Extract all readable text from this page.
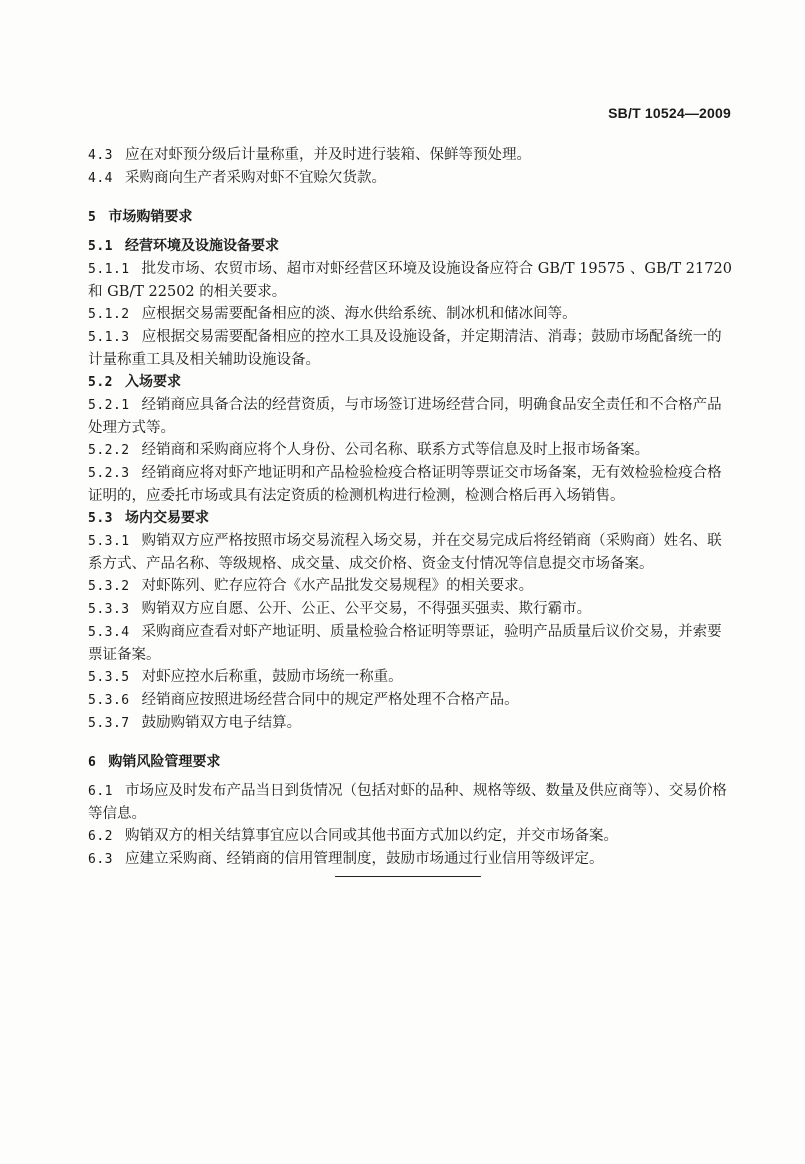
SB/T 10524—2009

4.3 应在对虾预分级后计量称重，并及时进行装箱、保鲜等预处理。

4.4 采购商向生产者采购对虾不宜赊欠货款。

5 市场购销要求

5.1 经营环境及设施设备要求

5.1.1 批发市场、农贸市场、超市对虾经营区环境及设施设备应符合 GB/T 19575 、GB/T 21720 和 GB/T 22502 的相关要求。

5.1.2 应根据交易需要配备相应的淡、海水供给系统、制冰机和储冰间等。

5.1.3 应根据交易需要配备相应的控水工具及设施设备，并定期清洁、消毒；鼓励市场配备统一的计量称重工具及相关辅助设施设备。

5.2 入场要求

5.2.1 经销商应具备合法的经营资质，与市场签订进场经营合同，明确食品安全责任和不合格产品处理方式等。

5.2.2 经销商和采购商应将个人身份、公司名称、联系方式等信息及时上报市场备案。

5.2.3 经销商应将对虾产地证明和产品检验检疫合格证明等票证交市场备案，无有效检验检疫合格证明的，应委托市场或具有法定资质的检测机构进行检测，检测合格后再入场销售。

5.3 场内交易要求

5.3.1 购销双方应严格按照市场交易流程入场交易，并在交易完成后将经销商（采购商）姓名、联系方式、产品名称、等级规格、成交量、成交价格、资金支付情况等信息提交市场备案。

5.3.2 对虾陈列、贮存应符合《水产品批发交易规程》的相关要求。

5.3.3 购销双方应自愿、公开、公正、公平交易，不得强买强卖、欺行霸市。

5.3.4 采购商应查看对虾产地证明、质量检验合格证明等票证，验明产品质量后议价交易，并索要票证备案。

5.3.5 对虾应控水后称重，鼓励市场统一称重。

5.3.6 经销商应按照进场经营合同中的规定严格处理不合格产品。

5.3.7 鼓励购销双方电子结算。

6 购销风险管理要求

6.1 市场应及时发布产品当日到货情况（包括对虾的品种、规格等级、数量及供应商等）、交易价格等信息。

6.2 购销双方的相关结算事宜应以合同或其他书面方式加以约定，并交市场备案。

6.3 应建立采购商、经销商的信用管理制度，鼓励市场通过行业信用等级评定。
